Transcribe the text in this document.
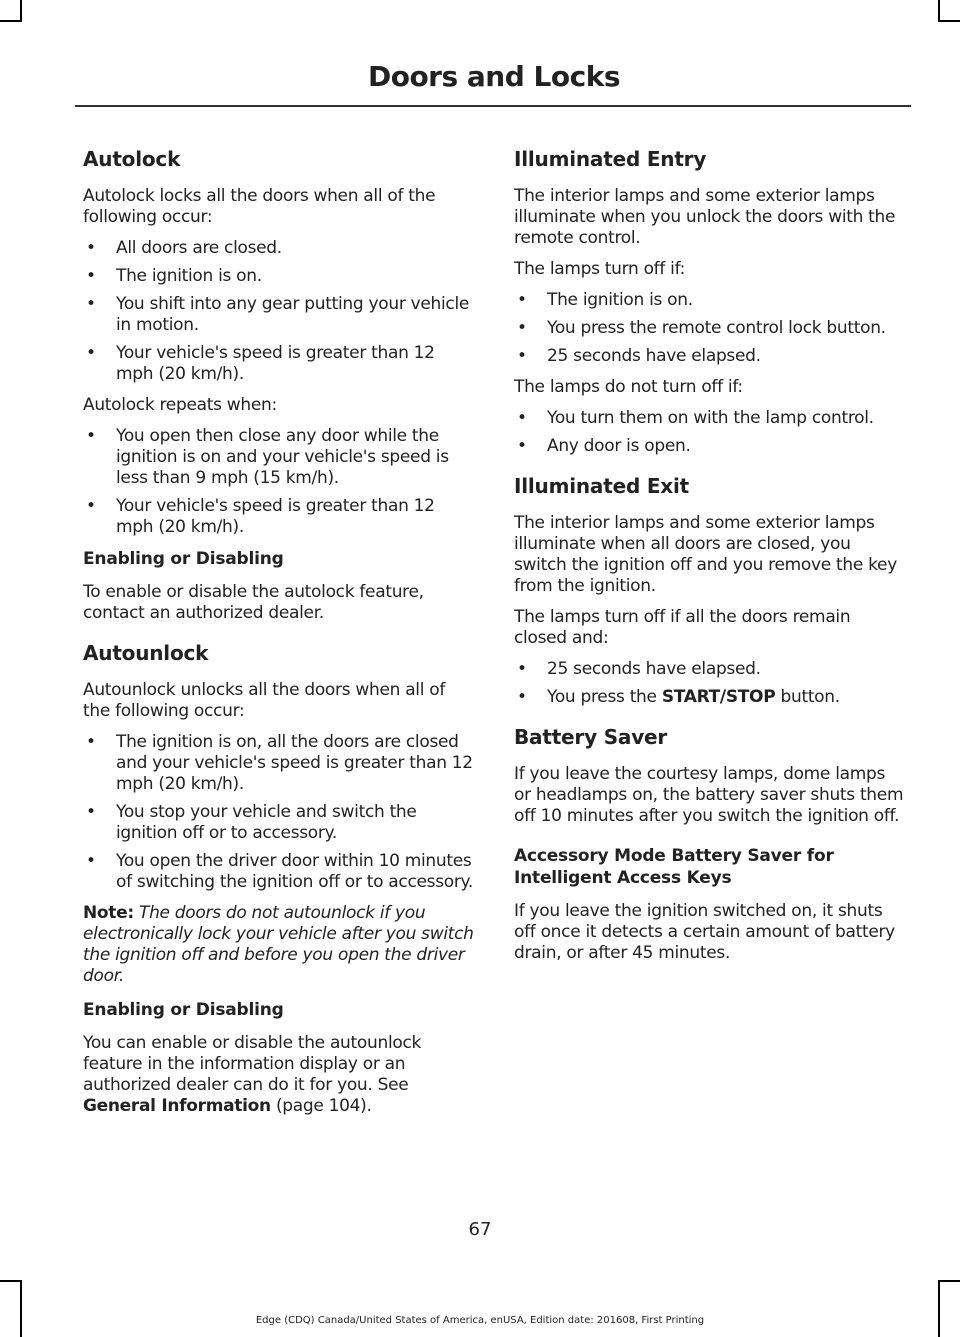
Doors and Locks
Autolock

Autolock locks all the doors when all of the following occur:

• All doors are closed.
• The ignition is on.
• You shift into any gear putting your vehicle in motion.
• Your vehicle's speed is greater than 12 mph (20 km/h).

Autolock repeats when:

• You open then close any door while the ignition is on and your vehicle's speed is less than 9 mph (15 km/h).
• Your vehicle's speed is greater than 12 mph (20 km/h).
Enabling or Disabling

To enable or disable the autolock feature, contact an authorized dealer.

Autounlock

Autounlock unlocks all the doors when all of the following occur:

• The ignition is on, all the doors are closed and your vehicle's speed is greater than 12 mph (20 km/h).
• You stop your vehicle and switch the ignition off or to accessory.
• You open the driver door within 10 minutes of switching the ignition off or to accessory.

Note: The doors do not autounlock if you electronically lock your vehicle after you switch the ignition off and before you open the driver door.

Enabling or Disabling

You can enable or disable the autounlock feature in the information display or an authorized dealer can do it for you. See General Information (page 104).

Illuminated Entry

The interior lamps and some exterior lamps illuminate when you unlock the doors with the remote control.

The lamps turn off if:

• The ignition is on.
• You press the remote control lock button.
• 25 seconds have elapsed.

The lamps do not turn off if:

• You turn them on with the lamp control.
• Any door is open.
Illuminated Exit

The interior lamps and some exterior lamps illuminate when all doors are closed, you switch the ignition off and you remove the key from the ignition.

The lamps turn off if all the doors remain closed and:

• 25 seconds have elapsed.
• You press the START/STOP button.
Battery Saver

If you leave the courtesy lamps, dome lamps or headlamps on, the battery saver shuts them off 10 minutes after you switch the ignition off.

Accessory Mode Battery Saver for Intelligent Access Keys

If you leave the ignition switched on, it shuts off once it detects a certain amount of battery drain, or after 45 minutes.

67
Edge (CDQ) Canada/United States of America, enUSA, Edition date: 201608, First Printing
